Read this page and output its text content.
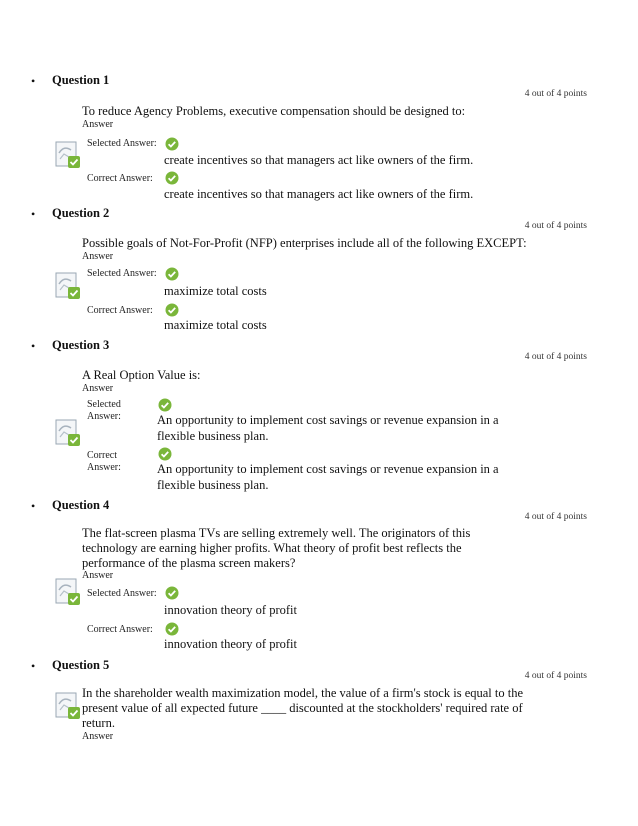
• Question 1
4 out of 4 points
To reduce Agency Problems, executive compensation should be designed to:
Answer
Selected Answer:
create incentives so that managers act like owners of the firm.
Correct Answer:
create incentives so that managers act like owners of the firm.
• Question 2
4 out of 4 points
Possible goals of Not-For-Profit (NFP) enterprises include all of the following EXCEPT:
Answer
Selected Answer:
maximize total costs
Correct Answer:
maximize total costs
• Question 3
4 out of 4 points
A Real Option Value is:
Answer
Selected
Answer:	An opportunity to implement cost savings or revenue expansion in a flexible business plan.
Correct
Answer:	An opportunity to implement cost savings or revenue expansion in a flexible business plan.
• Question 4
4 out of 4 points
The flat-screen plasma TVs are selling extremely well. The originators of this technology are earning higher profits. What theory of profit best reflects the performance of the plasma screen makers?
Answer
Selected Answer:
innovation theory of profit
Correct Answer:
innovation theory of profit
• Question 5
4 out of 4 points
In the shareholder wealth maximization model, the value of a firm's stock is equal to the present value of all expected future ____ discounted at the stockholders' required rate of return.
Answer
